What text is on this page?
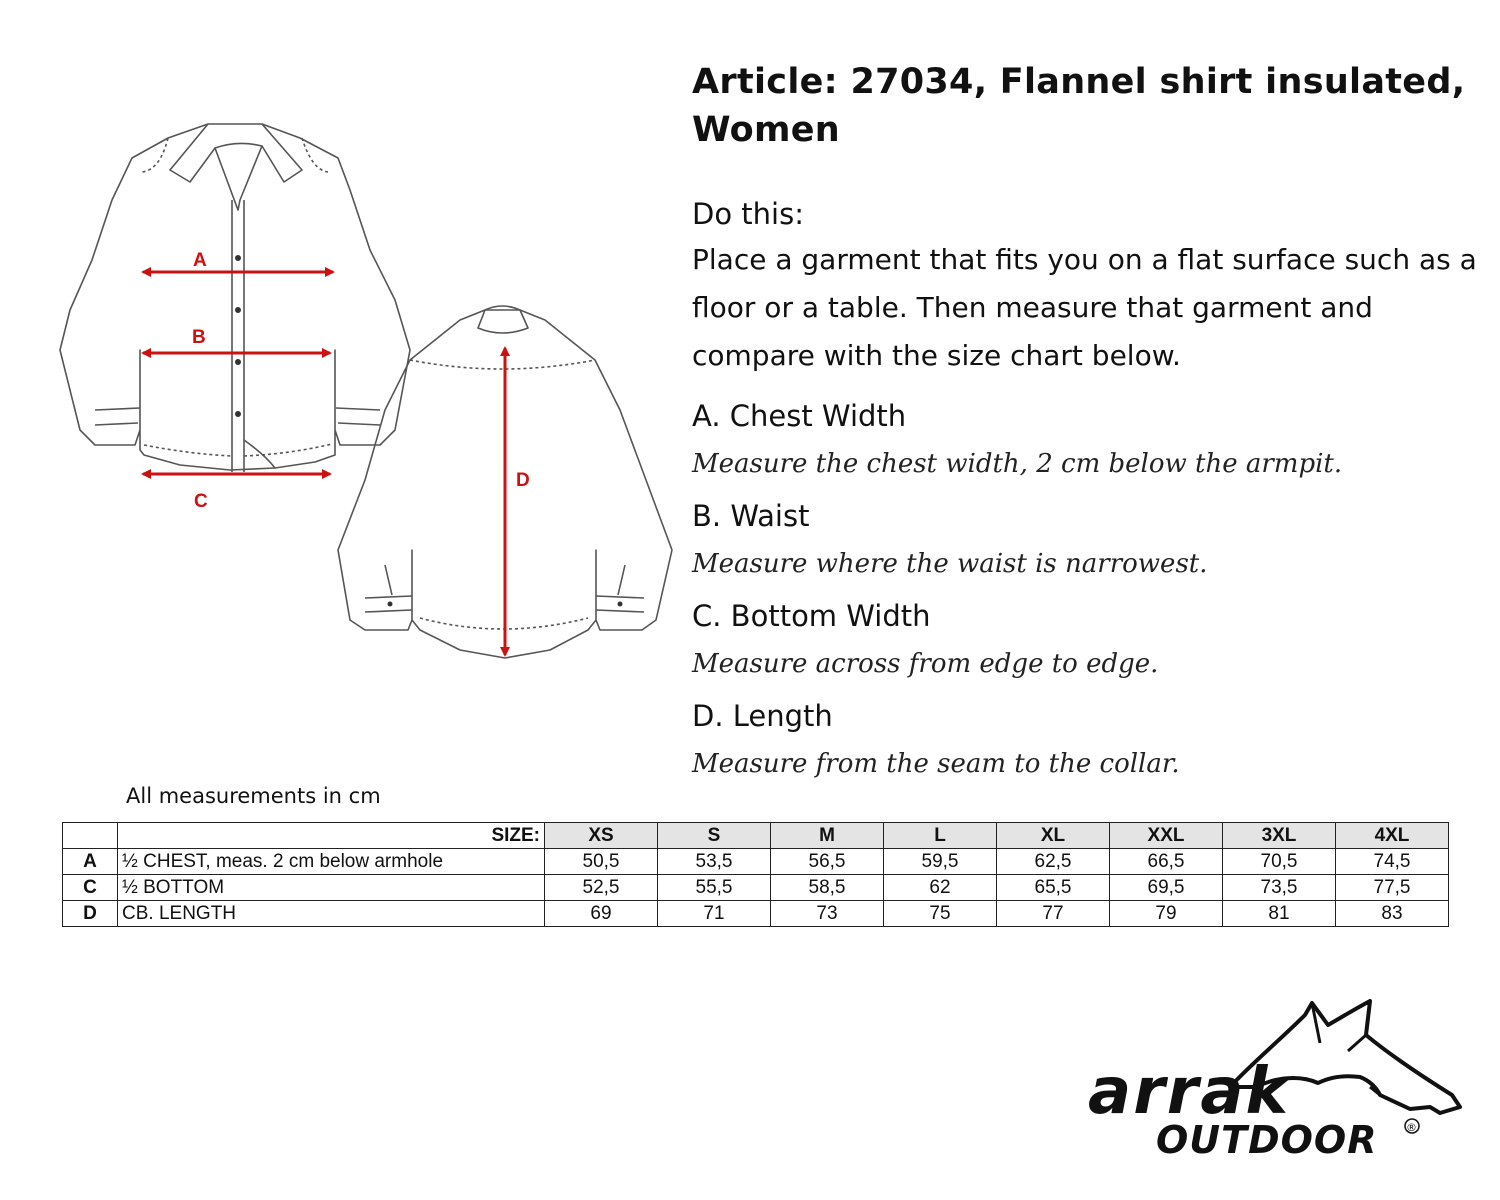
A
B
C
D
Article: 27034, Flannel shirt insulated, Women

Do this:

Place a garment that fits you on a flat surface such as a floor or a table. Then measure that garment and compare with the size chart below.

A. Chest Width

Measure the chest width, 2 cm below the armpit.

B. Waist

Measure where the waist is narrowest.

C. Bottom Width

Measure across from edge to edge.

D. Length

Measure from the seam to the collar.

All measurements in cm

	SIZE:	XS	S	M	L	XL	XXL	3XL	4XL
A	½ CHEST, meas. 2 cm below armhole	50,5	53,5	56,5	59,5	62,5	66,5	70,5	74,5
C	½ BOTTOM	52,5	55,5	58,5	62	65,5	69,5	73,5	77,5
D	CB. LENGTH	69	71	73	75	77	79	81	83
arrak
OUTDOOR	®
